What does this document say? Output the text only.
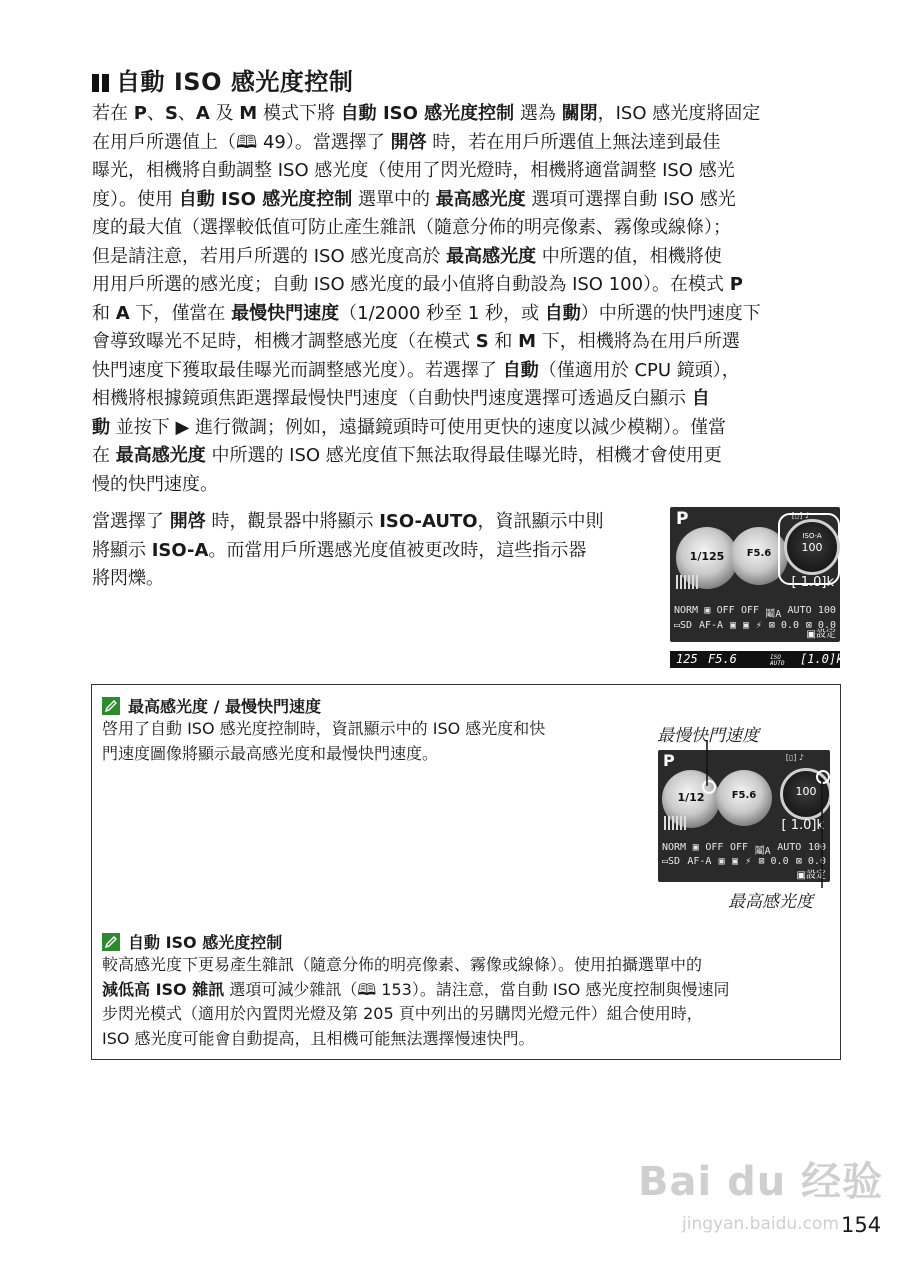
自動 ISO 感光度控制

若在 P、S、A 及 M 模式下將 自動 ISO 感光度控制 選為 關閉，ISO 感光度將固定

在用戶所選值上（🕮 49）。當選擇了 開啓 時，若在用戶所選值上無法達到最佳

曝光，相機將自動調整 ISO 感光度（使用了閃光燈時，相機將適當調整 ISO 感光

度）。使用 自動 ISO 感光度控制 選單中的 最高感光度 選項可選擇自動 ISO 感光

度的最大值（選擇較低值可防止產生雜訊（隨意分佈的明亮像素、霧像或線條）；

但是請注意，若用戶所選的 ISO 感光度高於 最高感光度 中所選的值，相機將使

用用戶所選的感光度；自動 ISO 感光度的最小值將自動設為 ISO 100）。在模式 P

和 A 下，僅當在 最慢快門速度（1/2000 秒至 1 秒，或 自動）中所選的快門速度下

會導致曝光不足時，相機才調整感光度（在模式 S 和 M 下，相機將為在用戶所選

快門速度下獲取最佳曝光而調整感光度）。若選擇了 自動（僅適用於 CPU 鏡頭），

相機將根據鏡頭焦距選擇最慢快門速度（自動快門速度選擇可透過反白顯示 自

動 並按下 ▶ 進行微調；例如，遠攝鏡頭時可使用更快的速度以減少模糊）。僅當

在 最高感光度 中所選的 ISO 感光度值下無法取得最佳曝光時，相機才會使用更

慢的快門速度。

當選擇了 開啓 時，觀景器中將顯示 ISO-AUTO，資訊顯示中則

將顯示 ISO-A。而當用戶所選感光度值被更改時，這些指示器

將閃爍。

P	[▯] ♪
1/125	F5.6
ISO-A
100
[ 1.0]k
NORM ▣ OFF OFF 鬮A AUTO 100
▭SD AF-A ▣ ▣ ⚡ ⊠ 0.0 ⊠ 0.0
▣設定
125 F5.6	ISO AUTO [1.0]k
最高感光度 / 最慢快門速度

啓用了自動 ISO 感光度控制時，資訊顯示中的 ISO 感光度和快

門速度圖像將顯示最高感光度和最慢快門速度。

最慢快門速度
最高感光度
自動 ISO 感光度控制

較高感光度下更易產生雜訊（隨意分佈的明亮像素、霧像或線條）。使用拍攝選單中的

減低高 ISO 雜訊 選項可減少雜訊（🕮 153）。請注意，當自動 ISO 感光度控制與慢速同

步閃光模式（適用於內置閃光燈及第 205 頁中列出的另購閃光燈元件）組合使用時，

ISO 感光度可能會自動提高，且相機可能無法選擇慢速快門。

P	[▯] ♪
1/12	F5.6	100
[ 1.0]k
NORM ▣ OFF OFF 鬮A AUTO 100
▭SD AF-A ▣ ▣ ⚡ ⊠ 0.0 ⊠ 0.0
▣設定
Bai du 经验
jingyan.baidu.com 154
